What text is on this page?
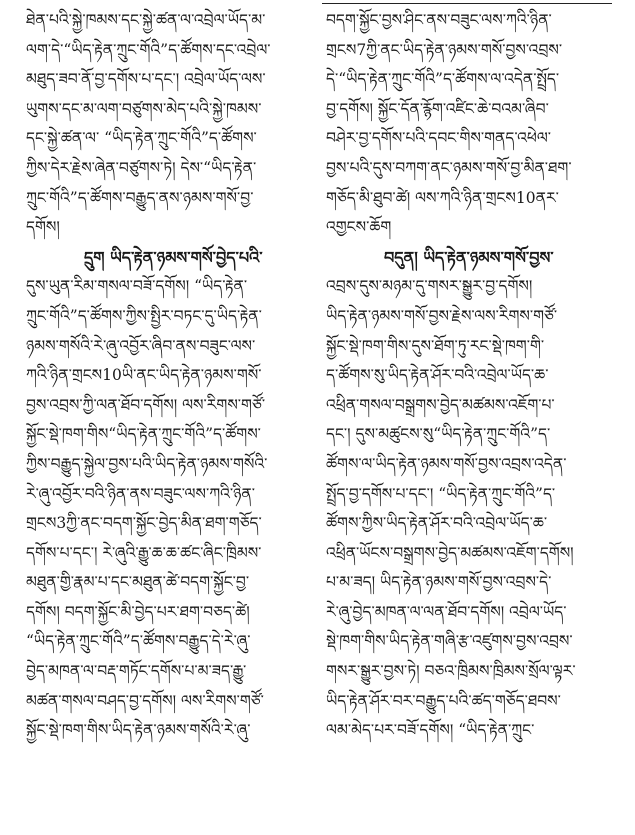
ཐེན་པའི་སྐྱེ་ཁམས་དང་སྐྱེ་ཚན་ལ་འབྲེལ་ཡོད་མ་
ལག་དེ་“ཡིད་རྟེན་ཀྲུང་གོའི”ད་ཚོགས་དང་འབྲེལ་
མཐུད་ཟབ་ནོ་བྱ་དགོས་པ་དང་། འབྲེལ་ཡོད་ལས་
ཡུགས་དང་མ་ལག་བཙུགས་མེད་པའི་སྐྱེ་ཁམས་
དང་སྐྱེ་ཚན་ལ་ “ཡིད་རྟེན་ཀྲུང་གོའི”ད་ཚོགས་
ཀྱིས་དེར་རྗེས་ཞེན་བཙུགས་ཏེ། དེས་“ཡིད་རྟེན་
ཀྲུང་གོའི”ད་ཚོགས་བརྒྱུད་ནས་ཉམས་གསོ་བྱ་
དགོས།
དྲུག ཡིད་རྟེན་ཉམས་གསོ་བྱེད་པའི་
དུས་ཡུན་རིམ་གསལ་བཟོ་དགོས། “ཡིད་རྟེན་
ཀྲུང་གོའི”ད་ཚོགས་ཀྱིས་སྤྱིར་བཏང་དུ་ཡིད་རྟེན་
ཉམས་གསོའི་རེ་ཞུ་འབྱོར་ཞིབ་ནས་བཟུང་ལས་
ཀའི་ཉིན་གྲངས10ཡི་ནང་ཡིད་རྟེན་ཉམས་གསོ་
བྱས་འབྲས་ཀྱི་ལན་ཐོབ་དགོས། ལས་རིགས་གཙོ་
སྐྱོང་སྡེ་ཁག་གིས“ཡིད་རྟེན་ཀྲུང་གོའི”ད་ཚོགས་
ཀྱིས་བརྒྱུད་སྐྱེལ་བྱས་པའི་ཡིད་རྟེན་ཉམས་གསོའི་
རེ་ཞུ་འབྱོར་བའི་ཉིན་ནས་བཟུང་ལས་ཀའི་ཉིན་
གྲངས3ཀྱི་ནང་བདག་སྐྱོང་བྱེད་མིན་ཐག་གཅོད་
དགོས་པ་དང་། རེ་ཞུའི་རྒྱུ་ཆ་ཆ་ཚང་ཞིང་ཁྲིམས་
མཐུན་གྱི་རྣམ་པ་དང་མཐུན་ཚེ་བདག་སྐྱོང་བྱ་
དགོས། བདག་སྐྱོང་མི་བྱེད་པར་ཐག་བཅད་ཚེ།
“ཡིད་རྟེན་ཀྲུང་གོའི”ད་ཚོགས་བརྒྱུད་དེ་རེ་ཞུ་
བྱེད་མཁན་ལ་བརྡ་གཏོང་དགོས་པ་མ་ཟད་རྒྱུ་
མཚན་གསལ་བཤད་བྱ་དགོས། ལས་རིགས་གཙོ་
སྐྱོང་སྡེ་ཁག་གིས་ཡིད་རྟེན་ཉམས་གསོའི་རེ་ཞུ་
བདག་སྐྱོང་བྱས་ཤིང་ནས་བཟུང་ལས་ཀའི་ཉིན་
གྲངས7ཀྱི་ནང་ཡིད་རྟེན་ཉམས་གསོ་བྱས་འབྲས་
དེ་“ཡིད་རྟེན་ཀྲུང་གོའི”ད་ཚོགས་ལ་འདེན་སྤྲོད་
བྱ་དགོས། སྐྱོང་དོན་རྙོག་འཛིང་ཆེ་བའམ་ཞིབ་
བཤེར་བྱ་དགོས་པའི་དབང་གིས་གནད་འཕེལ་
བྱས་པའི་དུས་བཀག་ནང་ཉམས་གསོ་བྱ་མིན་ཐག་
གཅོད་མི་ཐུབ་ཚེ། ལས་ཀའི་ཉིན་གྲངས10ནར་
འགྱངས་ཆོག
བདུན། ཡིད་རྟེན་ཉམས་གསོ་བྱས་
འབྲས་དུས་མཉམ་དུ་གསར་སྒྱུར་བྱ་དགོས།
ཡིད་རྟེན་ཉམས་གསོ་བྱས་རྗེས་ལས་རིགས་གཙོ་
སྐྱོང་སྡེ་ཁག་གིས་དུས་ཐོག་ཏུ་རང་སྡེ་ཁག་གི་
ད་ཚོགས་སུ་ཡིད་རྟེན་ཤོར་བའི་འབྲེལ་ཡོད་ཆ་
འཕྲིན་གསལ་བསྒྲགས་བྱེད་མཚམས་འཇོག་པ་
དང་། དུས་མཚུངས་སུ“ཡིད་རྟེན་ཀྲུང་གོའི”ད་
ཚོགས་ལ་ཡིད་རྟེན་ཉམས་གསོ་བྱས་འབྲས་འདེན་
སྤྲོད་བྱ་དགོས་པ་དང་། “ཡིད་རྟེན་ཀྲུང་གོའི”ད་
ཚོགས་ཀྱིས་ཡིད་རྟེན་ཤོར་བའི་འབྲེལ་ཡོད་ཆ་
འཕྲིན་ཡོངས་བསྒྲགས་བྱེད་མཚམས་འཇོག་དགོས།
པ་མ་ཟད། ཡིད་རྟེན་ཉམས་གསོ་བྱས་འབྲས་དེ་
རེ་ཞུ་བྱེད་མཁན་ལ་ལན་ཐོབ་དགོས། འབྲེལ་ཡོད་
སྡེ་ཁག་གིས་ཡིད་རྟེན་གཞི་རྩ་འཛུགས་བྱས་འབྲས་
གསར་སྒྱུར་བྱས་ཏེ། བཅའ་ཁྲིམས་ཁྲིམས་སྲོལ་ལྟར་
ཡིད་རྟེན་ཤོར་བར་བརྒྱུད་པའི་ཚད་གཅོད་ཐབས་
ལམ་མེད་པར་བཟོ་དགོས། “ཡིད་རྟེན་ཀྲུང་
